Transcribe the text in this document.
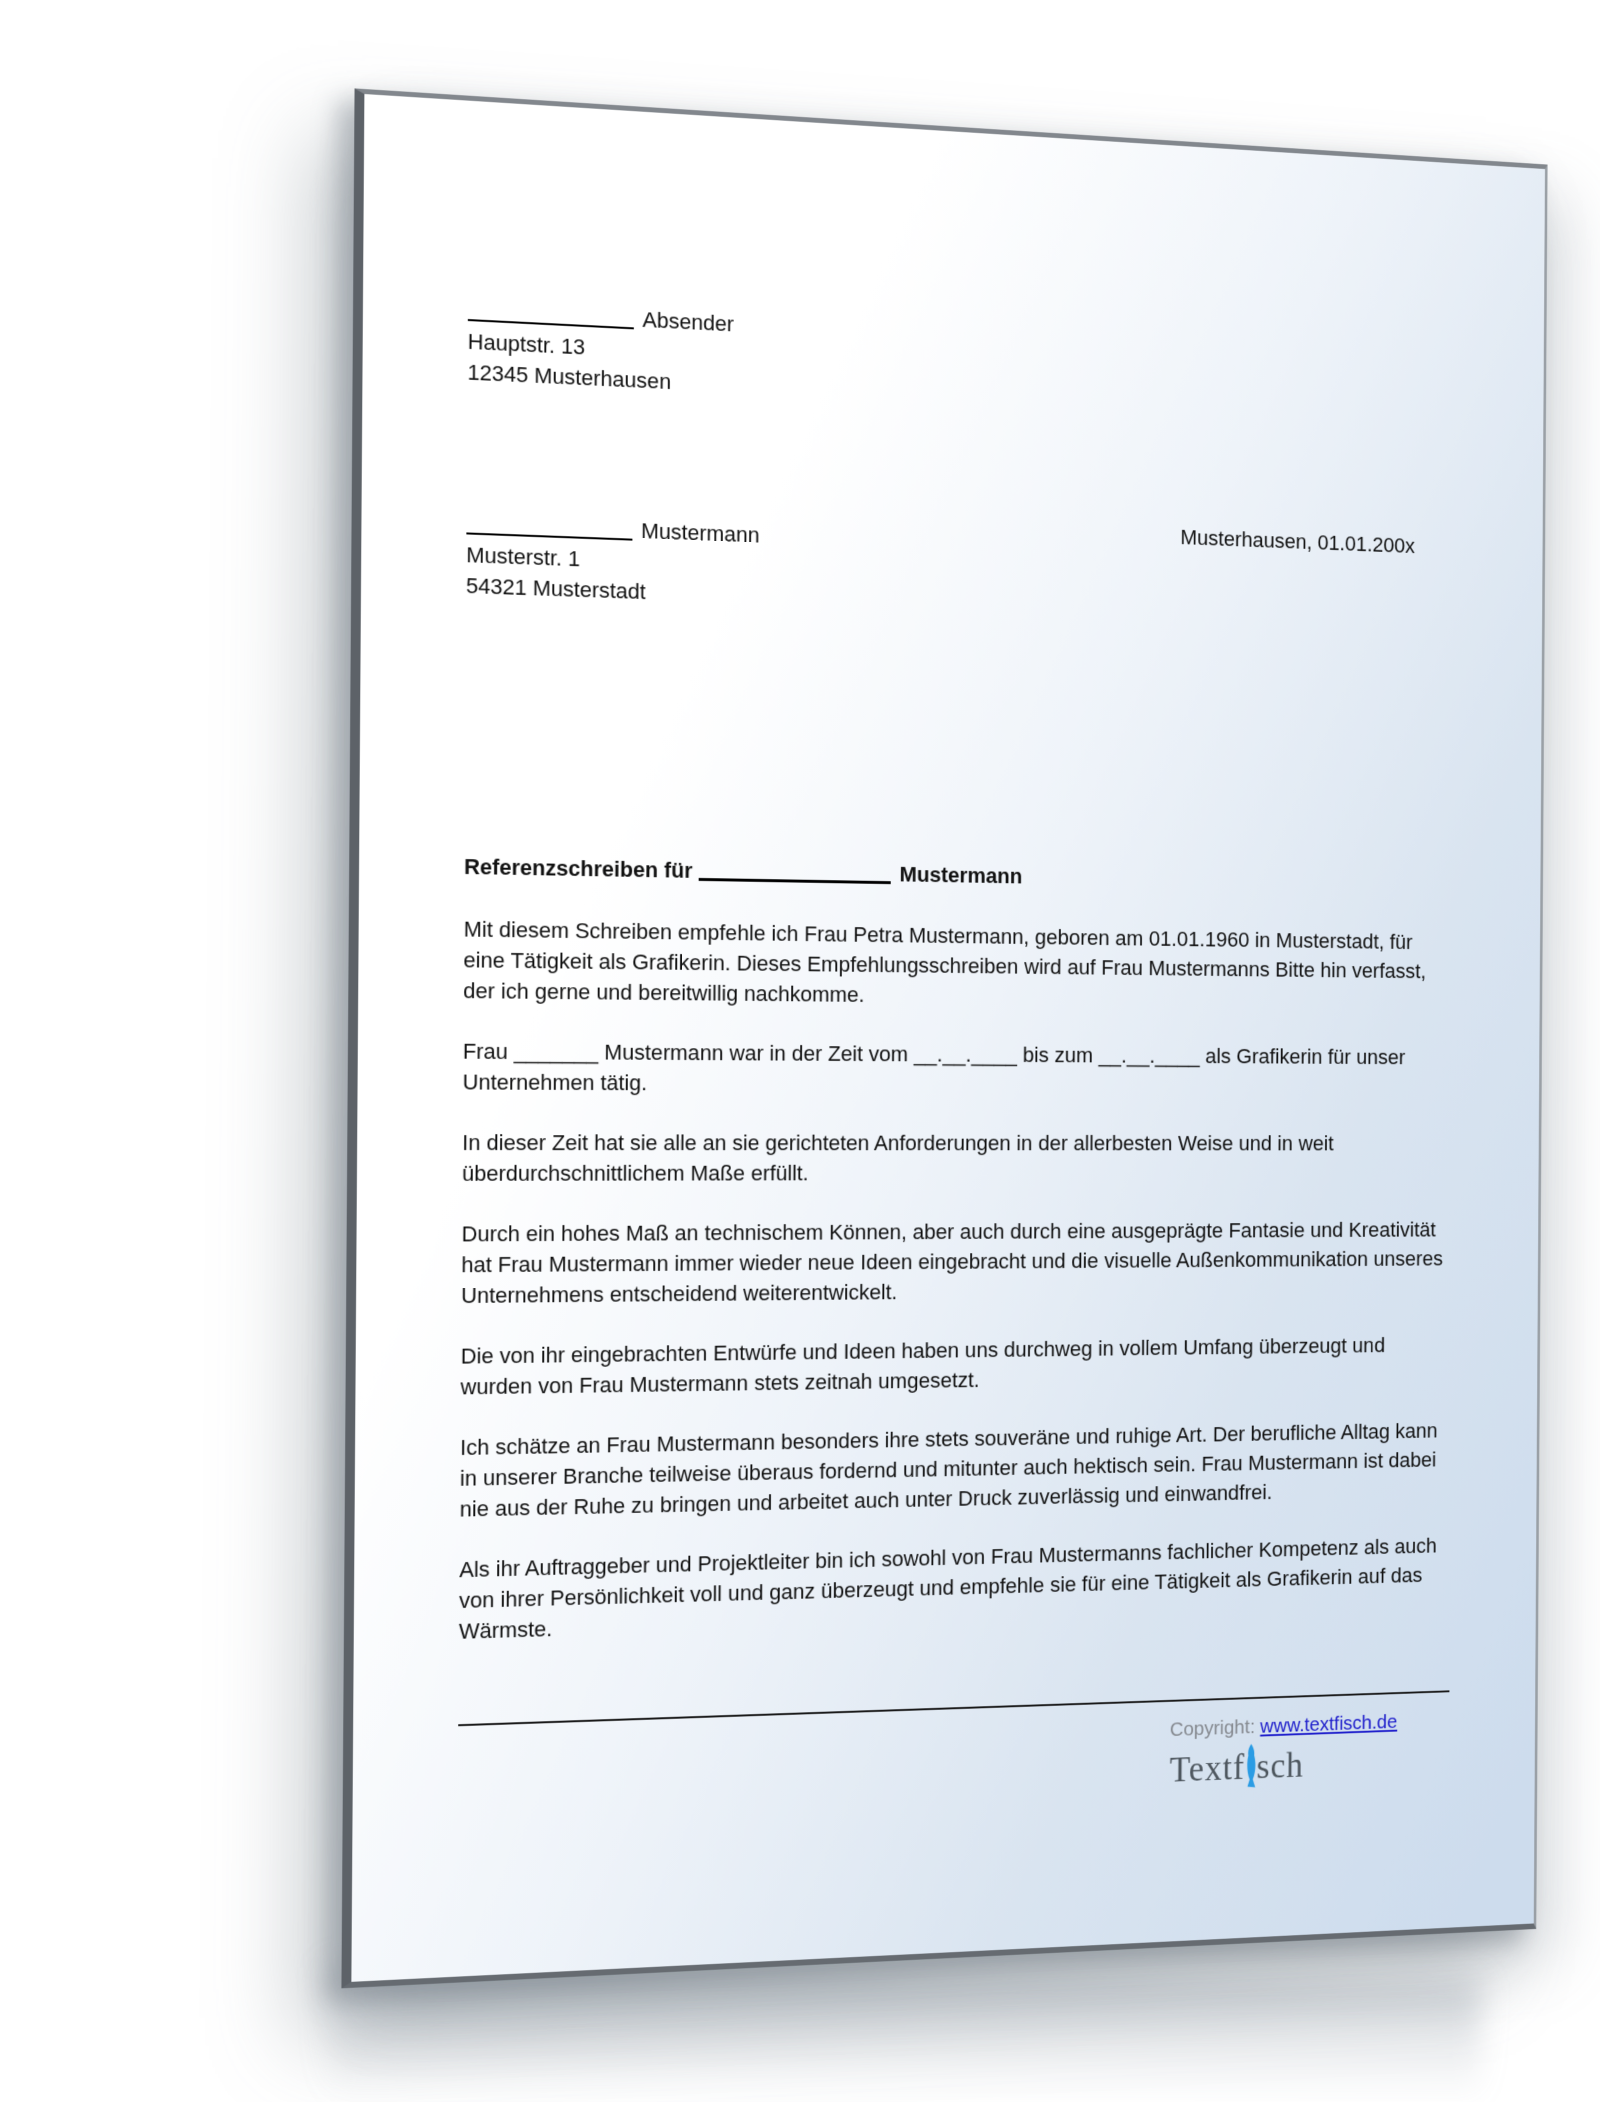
Absender
Hauptstr. 13
12345 Musterhausen
Musterhausen, 01.01.200x
Mustermann
Musterstr. 1
54321 Musterstadt
Referenzschreiben für	Mustermann

Mit diesem Schreiben empfehle ich Frau Petra Mustermann, geboren am 01.01.1960 in Musterstadt, für eine Tätigkeit als Grafikerin. Dieses Empfehlungsschreiben wird auf Frau Mustermanns Bitte hin verfasst, der ich gerne und bereitwillig nachkomme.

Frau _______ Mustermann war in der Zeit vom __.__.____ bis zum __.__.____ als Grafikerin für unser Unternehmen tätig.

In dieser Zeit hat sie alle an sie gerichteten Anforderungen in der allerbesten Weise und in weit überdurchschnittlichem Maße erfüllt.

Durch ein hohes Maß an technischem Können, aber auch durch eine ausgeprägte Fantasie und Kreativität hat Frau Mustermann immer wieder neue Ideen eingebracht und die visuelle Außenkommunikation unseres Unternehmens entscheidend weiterentwickelt.

Die von ihr eingebrachten Entwürfe und Ideen haben uns durchweg in vollem Umfang überzeugt und wurden von Frau Mustermann stets zeitnah umgesetzt.

Ich schätze an Frau Mustermann besonders ihre stets souveräne und ruhige Art. Der berufliche Alltag kann in unserer Branche teilweise überaus fordernd und mitunter auch hektisch sein. Frau Mustermann ist dabei nie aus der Ruhe zu bringen und arbeitet auch unter Druck zuverlässig und einwandfrei.

Als ihr Auftraggeber und Projektleiter bin ich sowohl von Frau Mustermanns fachlicher Kompetenz als auch von ihrer Persönlichkeit voll und ganz überzeugt und empfehle sie für eine Tätigkeit als Grafikerin auf das Wärmste.

Copyright: www.textfisch.de
Textf sch
